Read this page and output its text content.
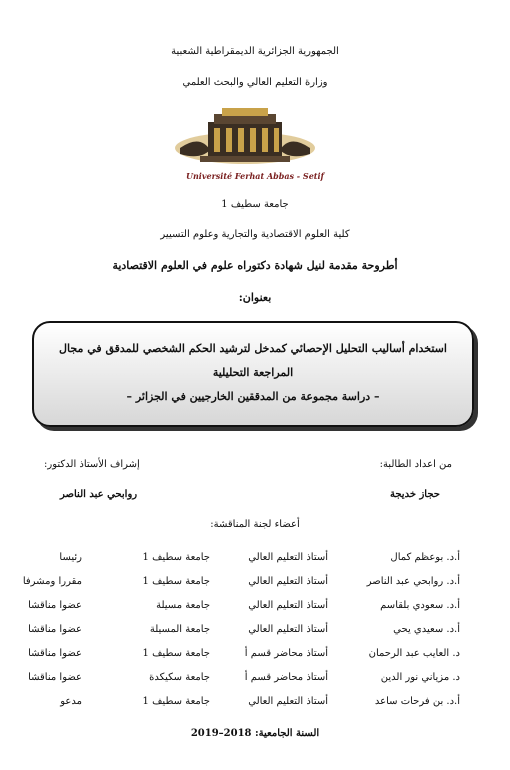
الجمهورية الجزائرية الديمقراطية الشعبية
وزارة التعليم العالي والبحث العلمي
Université Ferhat Abbas - Setif
جامعة سطيف 1
كلية العلوم الاقتصادية والتجارية وعلوم التسيير
أطروحة مقدمة لنيل شهادة دكتوراه علوم في العلوم الاقتصادية
بعنوان:
استخدام أساليب التحليل الإحصائي كمدخل لترشيد الحكم الشخصي للمدقق في مجال
المراجعة التحليلية
– دراسة مجموعة من المدققين الخارجيين في الجزائر –
من اعداد الطالبة:
إشراف الأستاذ الدكتور:
حجاز خديجة
روابحي عبد الناصر
أعضاء لجنة المناقشة:
أ.د. بوعظم كمال
أستاذ التعليم العالي
جامعة سطيف 1
رئيسا
أ.د. روابحي عبد الناصر
أستاذ التعليم العالي
جامعة سطيف 1
مقررا ومشرفا
أ.د. سعودي بلقاسم
أستاذ التعليم العالي
جامعة مسيلة
عضوا مناقشا
أ.د. سعيدي يحي
أستاذ التعليم العالي
جامعة المسيلة
عضوا مناقشا
د. العايب عبد الرحمان
أستاذ محاضر قسم أ
جامعة سطيف 1
عضوا مناقشا
د. مزياني نور الدين
أستاذ محاضر قسم أ
جامعة سكيكدة
عضوا مناقشا
أ.د. بن فرحات ساعد
أستاذ التعليم العالي
جامعة سطيف 1
مدعو
السنة الجامعية: 2019–2018
